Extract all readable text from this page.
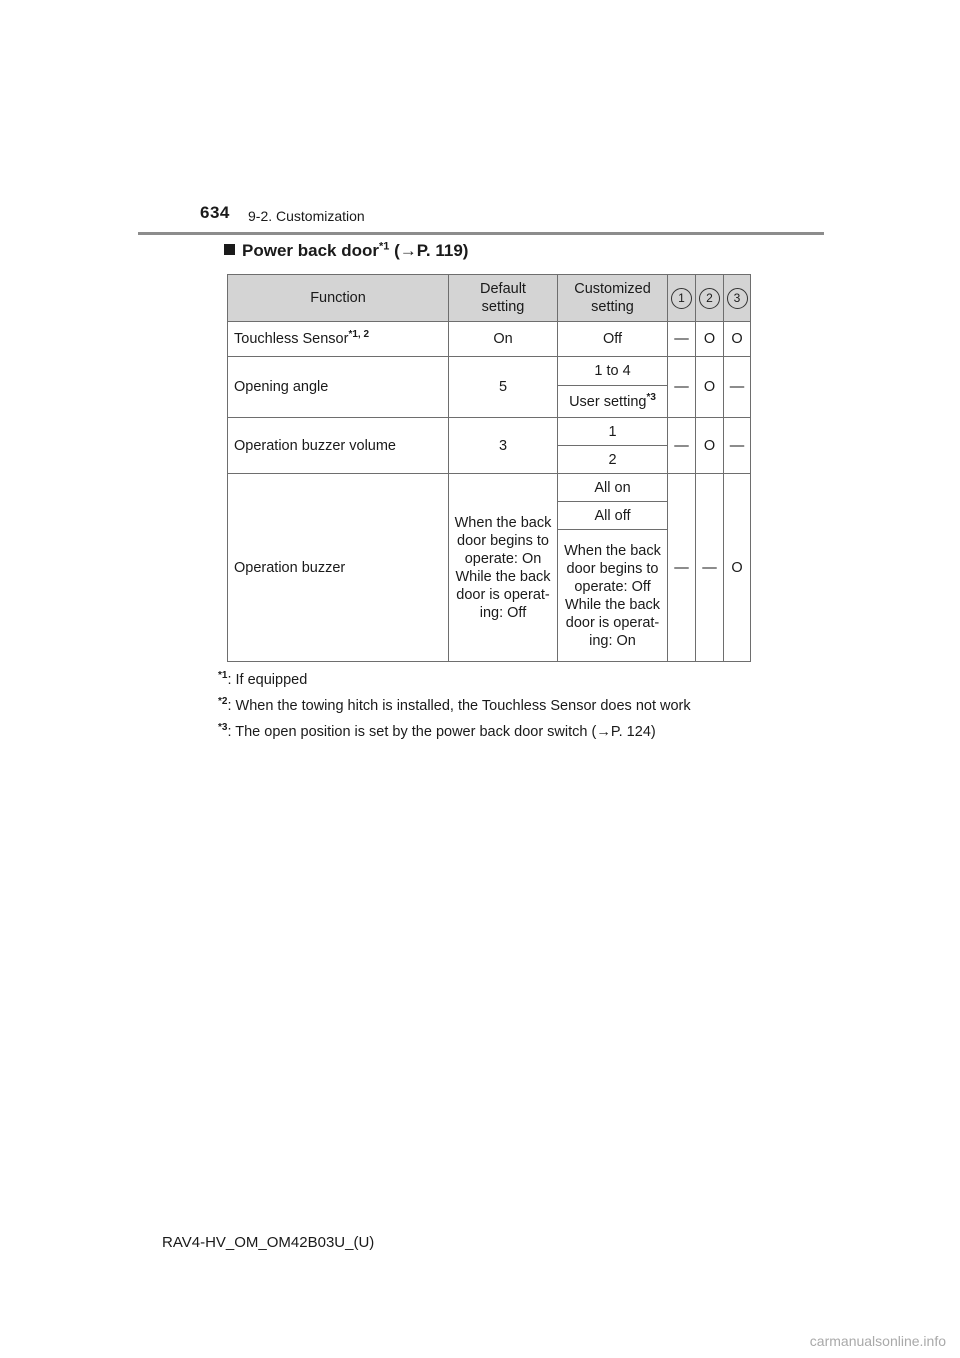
634 9-2. Customization
Power back door$^{*1}$ (→P. 119)
Function	Default setting	Customized setting	1	2	3
Touchless Sensor$^{*1, 2}$	On	Off	—	O	O
Opening angle	5	1 to 4	—	O	—
		User setting$^{*3}$
Operation buzzer volume	3	1	—	O	—
		2			
Operation buzzer	When the back door begins to operate: On While the back door is operat-ing: Off	All on	—	—	O
		All off			

		When the back door begins to operate: Off While the back door is operat-ing: On			
$^{*1}$: If equipped
$^{*2}$: When the towing hitch is installed, the Touchless Sensor does not work
$^{*3}$: The open position is set by the power back door switch (→P. 124)
RAV4-HV_OM_OM42B03U_(U)
carmanualsonline.info
